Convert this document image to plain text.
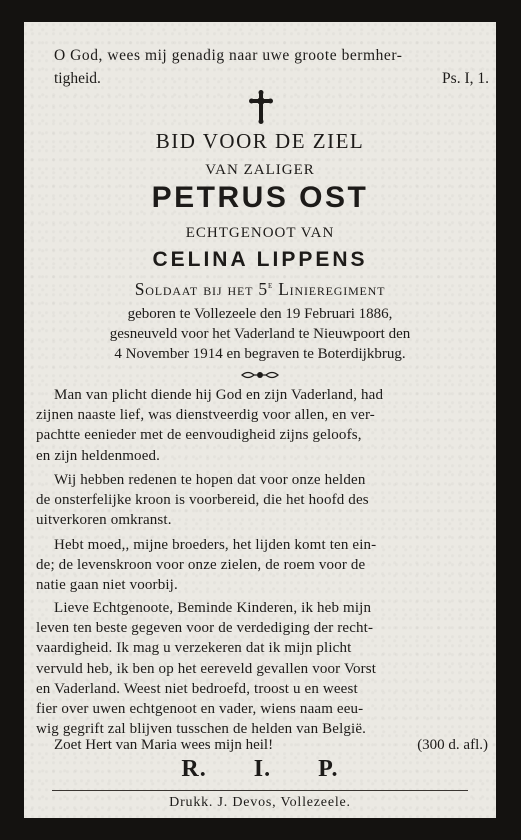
O God, wees mij genadig naar uwe groote bermher-
tigheid.	Ps. I, 1.
BID VOOR DE ZIEL
VAN ZALIGER
PETRUS OST
ECHTGENOOT VAN
CELINA LIPPENS
Soldaat bij het 5e Linieregiment
geboren te Vollezeele den 19 Februari 1886,
gesneuveld voor het Vaderland te Nieuwpoort den
4 November 1914 en begraven te Boterdijkbrug.
Man van plicht diende hij God en zijn Vaderland, had
zijnen naaste lief, was dienstveerdig voor allen, en ver-
pachtte eenieder met de eenvoudigheid zijns geloofs,
en zijn heldenmoed.
Wij hebben redenen te hopen dat voor onze helden
de onsterfelijke kroon is voorbereid, die het hoofd des
uitverkoren omkranst.
Hebt moed,, mijne broeders, het lijden komt ten ein-
de; de levenskroon voor onze zielen, de roem voor de
natie gaan niet voorbij.
Lieve Echtgenoote, Beminde Kinderen, ik heb mijn
leven ten beste gegeven voor de verdediging der recht-
vaardigheid. Ik mag u verzekeren dat ik mijn plicht
vervuld heb, ik ben op het eereveld gevallen voor Vorst
en Vaderland. Weest niet bedroefd, troost u en weest
fier over uwen echtgenoot en vader, wiens naam eeu-
wig gegrift zal blijven tusschen de helden van België.
Zoet Hert van Maria wees mijn heil!	(300 d. afl.)
R. I. P.
Drukk. J. Devos, Vollezeele.
